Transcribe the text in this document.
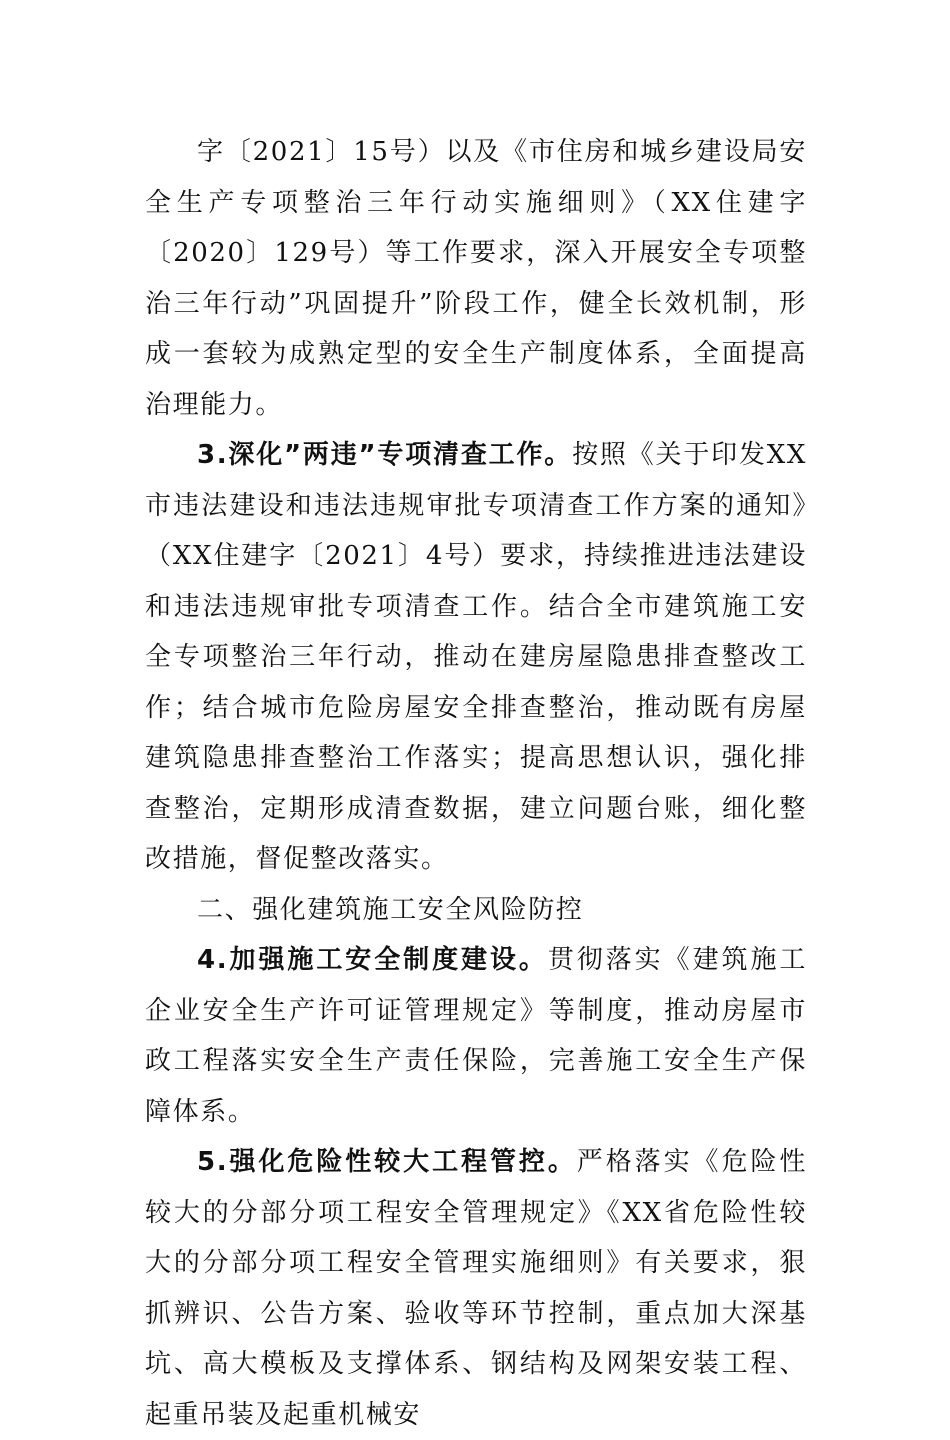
字〔2021〕15号）以及《市住房和城乡建设局安全生产专项整治三年行动实施细则》（XX住建字〔2020〕129号）等工作要求，深入开展安全专项整治三年行动”巩固提升”阶段工作，健全长效机制，形成一套较为成熟定型的安全生产制度体系，全面提高治理能力。

3.深化”两违”专项清查工作。按照《关于印发XX市违法建设和违法违规审批专项清查工作方案的通知》（XX住建字〔2021〕4号）要求，持续推进违法建设和违法违规审批专项清查工作。结合全市建筑施工安全专项整治三年行动，推动在建房屋隐患排查整改工作；结合城市危险房屋安全排查整治，推动既有房屋建筑隐患排查整治工作落实；提高思想认识，强化排查整治，定期形成清查数据，建立问题台账，细化整改措施，督促整改落实。

二、强化建筑施工安全风险防控

4.加强施工安全制度建设。贯彻落实《建筑施工企业安全生产许可证管理规定》等制度，推动房屋市政工程落实安全生产责任保险，完善施工安全生产保障体系。

5.强化危险性较大工程管控。严格落实《危险性较大的分部分项工程安全管理规定》《XX省危险性较大的分部分项工程安全管理实施细则》有关要求，狠抓辨识、公告方案、验收等环节控制，重点加大深基坑、高大模板及支撑体系、钢结构及网架安装工程、起重吊装及起重机械安
